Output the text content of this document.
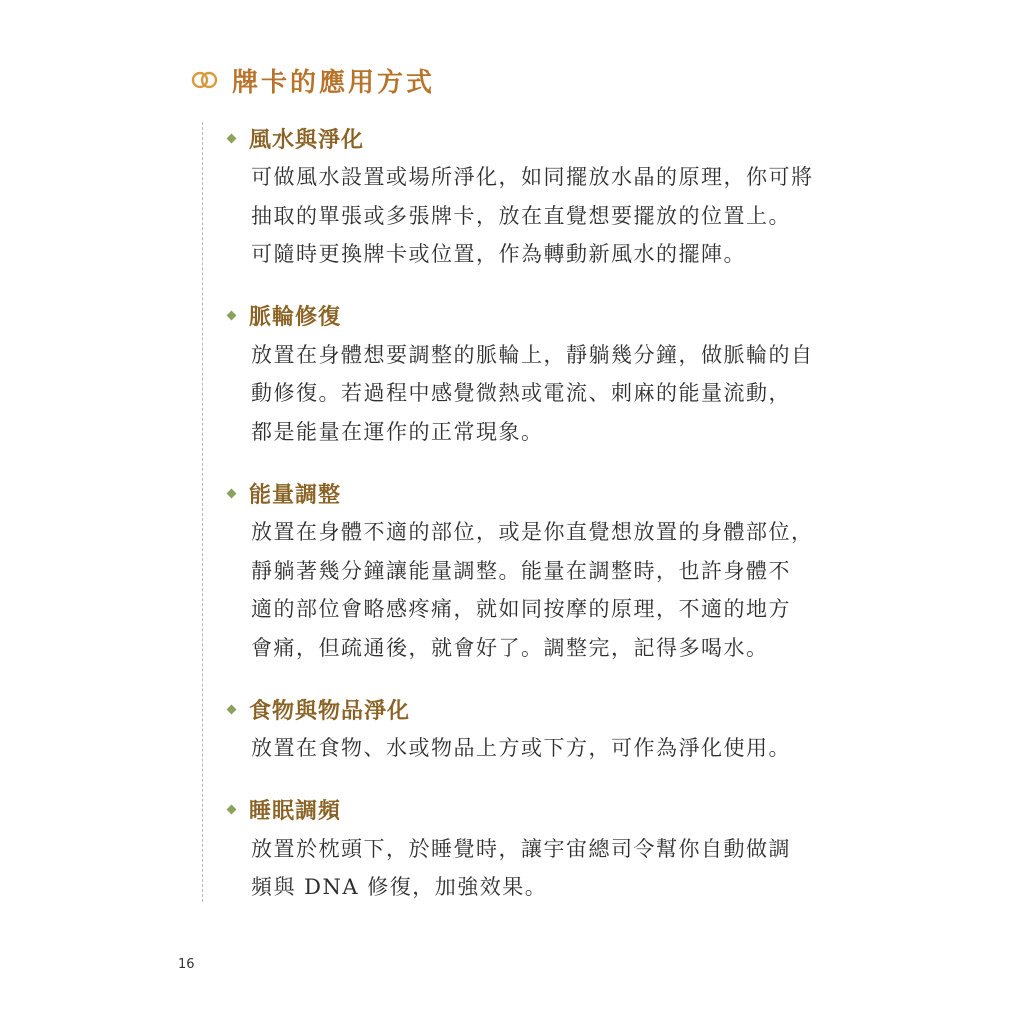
牌卡的應用方式
風水與淨化
可做風水設置或場所淨化，如同擺放水晶的原理，你可將
抽取的單張或多張牌卡，放在直覺想要擺放的位置上。
可隨時更換牌卡或位置，作為轉動新風水的擺陣。
脈輪修復
放置在身體想要調整的脈輪上，靜躺幾分鐘，做脈輪的自
動修復。若過程中感覺微熱或電流、刺麻的能量流動，
都是能量在運作的正常現象。
能量調整
放置在身體不適的部位，或是你直覺想放置的身體部位，
靜躺著幾分鐘讓能量調整。能量在調整時，也許身體不
適的部位會略感疼痛，就如同按摩的原理，不適的地方
會痛，但疏通後，就會好了。調整完，記得多喝水。
食物與物品淨化
放置在食物、水或物品上方或下方，可作為淨化使用。
睡眠調頻
放置於枕頭下，於睡覺時，讓宇宙總司令幫你自動做調
頻與 DNA 修復，加強效果。
16
